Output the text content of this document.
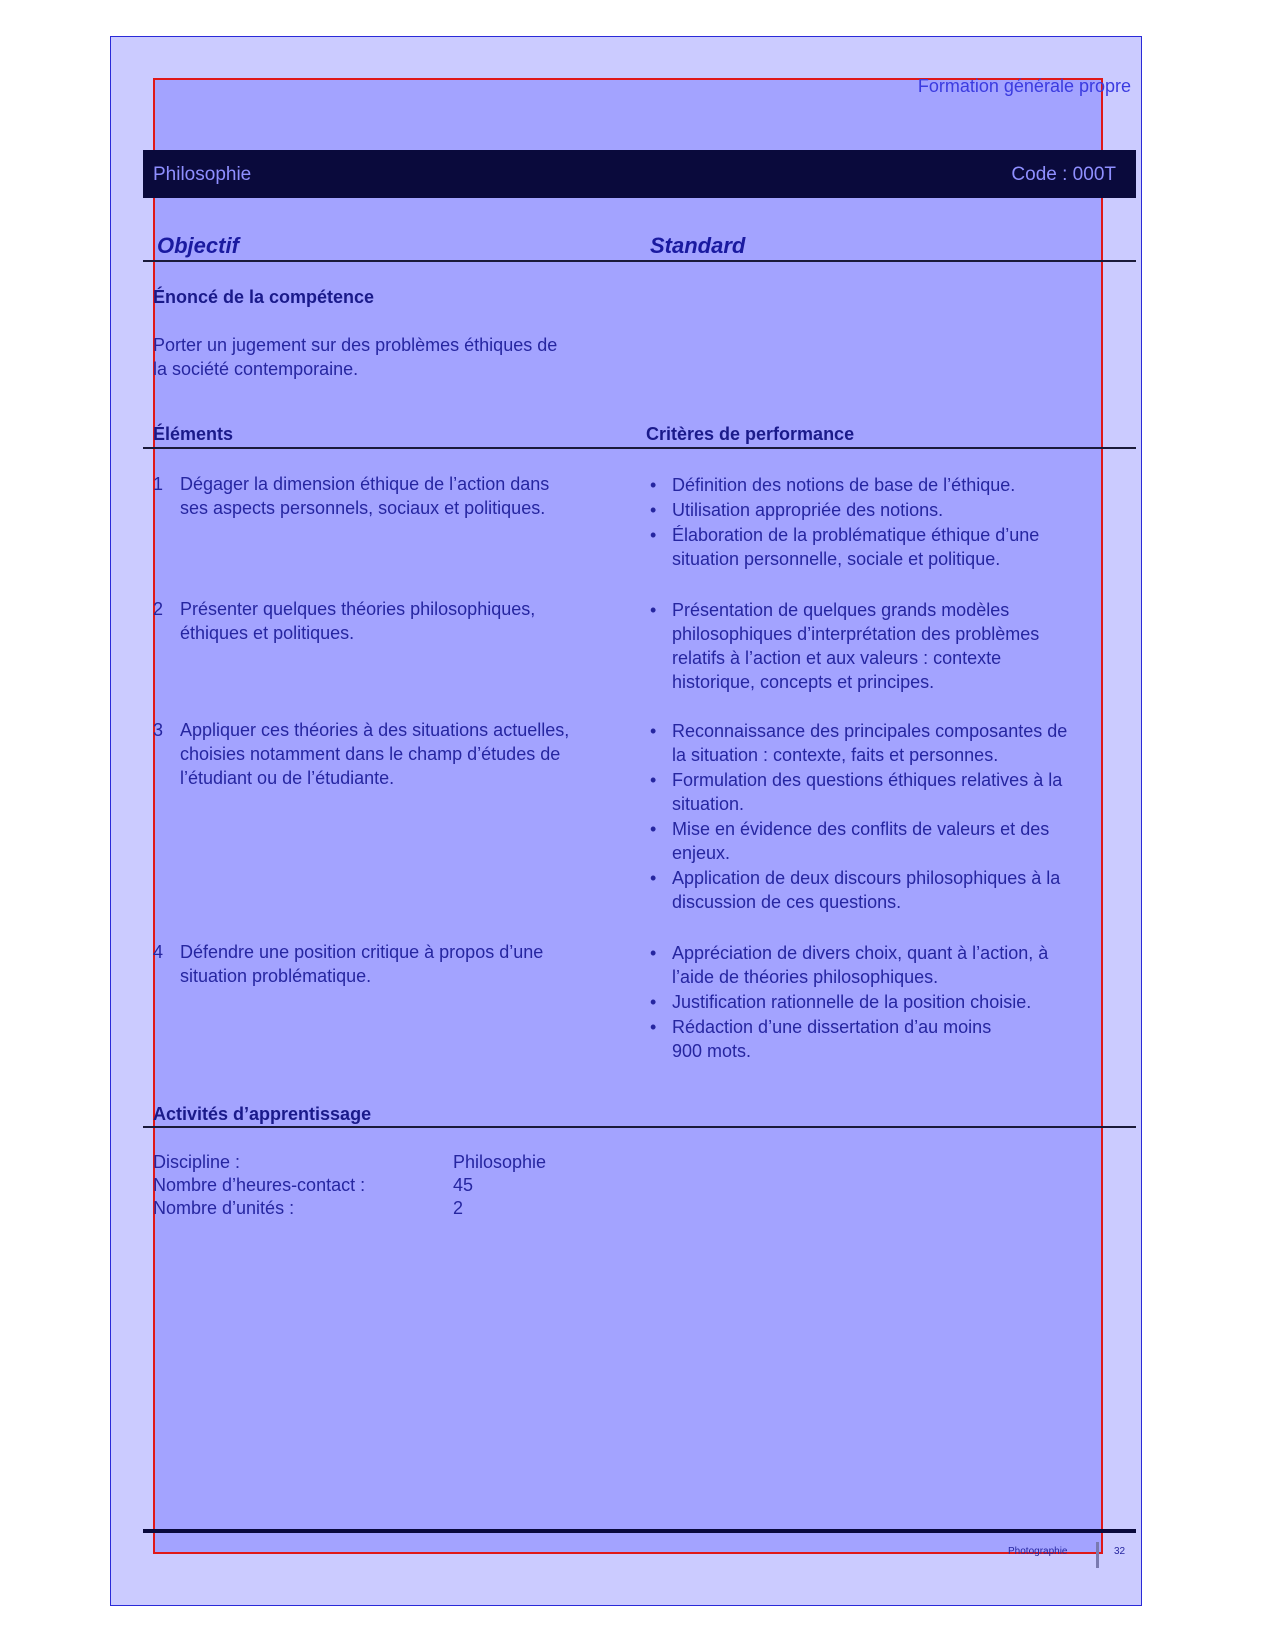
Formation générale propre
Philosophie	Code : 000T
Objectif	Standard
Énoncé de la compétence
Porter un jugement sur des problèmes éthiques de
la société contemporaine.
Éléments	Critères de performance
1 Dégager la dimension éthique de l’action dans
ses aspects personnels, sociaux et politiques.
• Définition des notions de base de l’éthique.
• Utilisation appropriée des notions.
• Élaboration de la problématique éthique d’une
situation personnelle, sociale et politique.
2 Présenter quelques théories philosophiques,
éthiques et politiques.
• Présentation de quelques grands modèles
philosophiques d’interprétation des problèmes
relatifs à l’action et aux valeurs : contexte
historique, concepts et principes.
3 Appliquer ces théories à des situations actuelles,
choisies notamment dans le champ d’études de
l’étudiant ou de l’étudiante.
• Reconnaissance des principales composantes de
la situation : contexte, faits et personnes.
• Formulation des questions éthiques relatives à la
situation.
• Mise en évidence des conflits de valeurs et des
enjeux.
• Application de deux discours philosophiques à la
discussion de ces questions.
4 Défendre une position critique à propos d’une
situation problématique.
• Appréciation de divers choix, quant à l’action, à
l’aide de théories philosophiques.
• Justification rationnelle de la position choisie.
• Rédaction d’une dissertation d’au moins
900 mots.
Activités d’apprentissage
Discipline :	Philosophie
Nombre d’heures-contact :	45
Nombre d’unités :	2
Photographie	32
